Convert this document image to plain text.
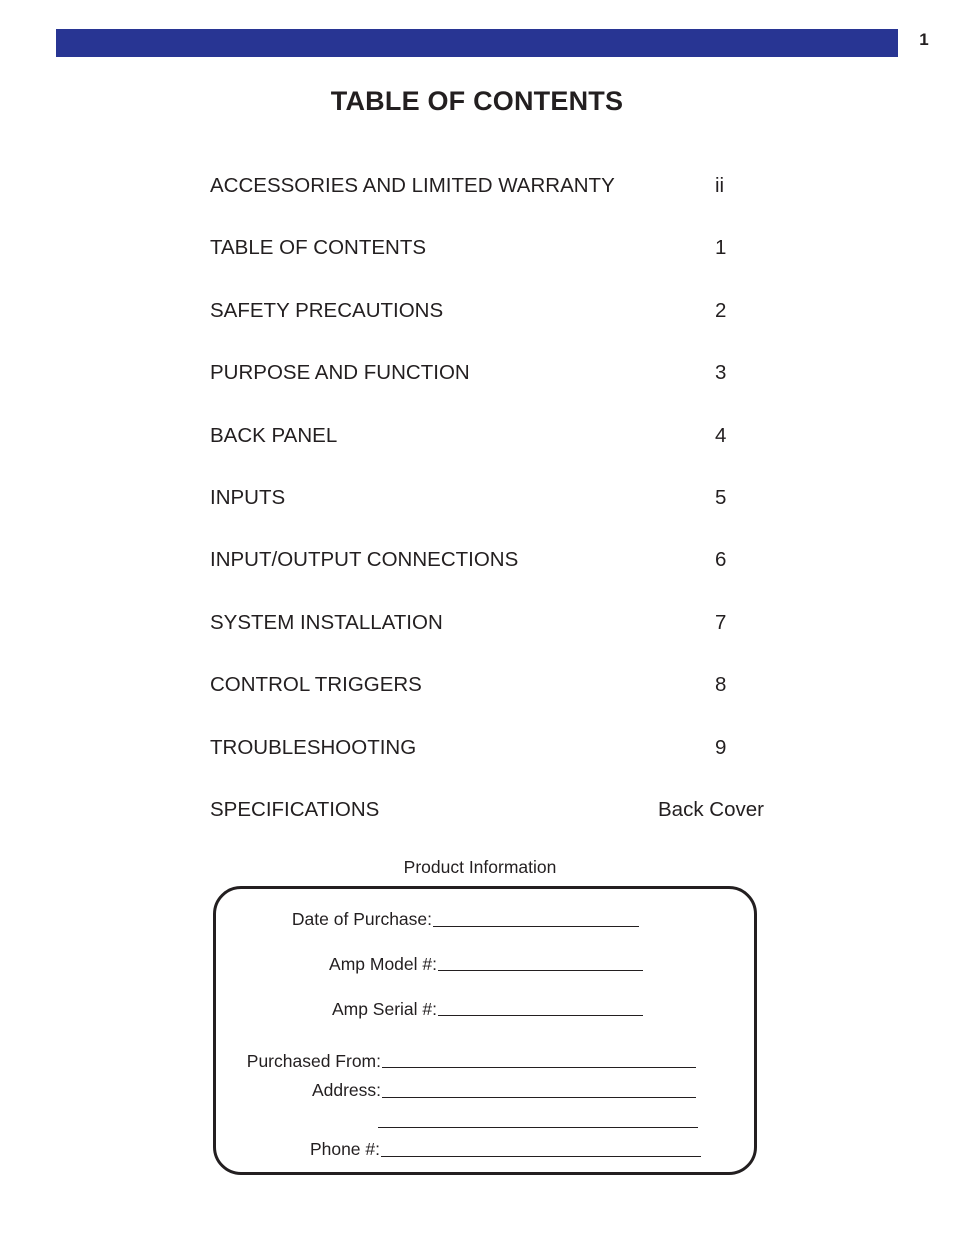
1
TABLE OF CONTENTS
ACCESSORIES AND LIMITED WARRANTY	ii
TABLE OF CONTENTS	1
SAFETY PRECAUTIONS	2
PURPOSE AND FUNCTION	3
BACK PANEL	4
INPUTS	5
INPUT/OUTPUT CONNECTIONS	6
SYSTEM INSTALLATION	7
CONTROL TRIGGERS	8
TROUBLESHOOTING	9
SPECIFICATIONS	Back Cover
Product Information
Date of Purchase:
Amp Model #:
Amp Serial #:
Purchased From:
Address:
Phone #:
